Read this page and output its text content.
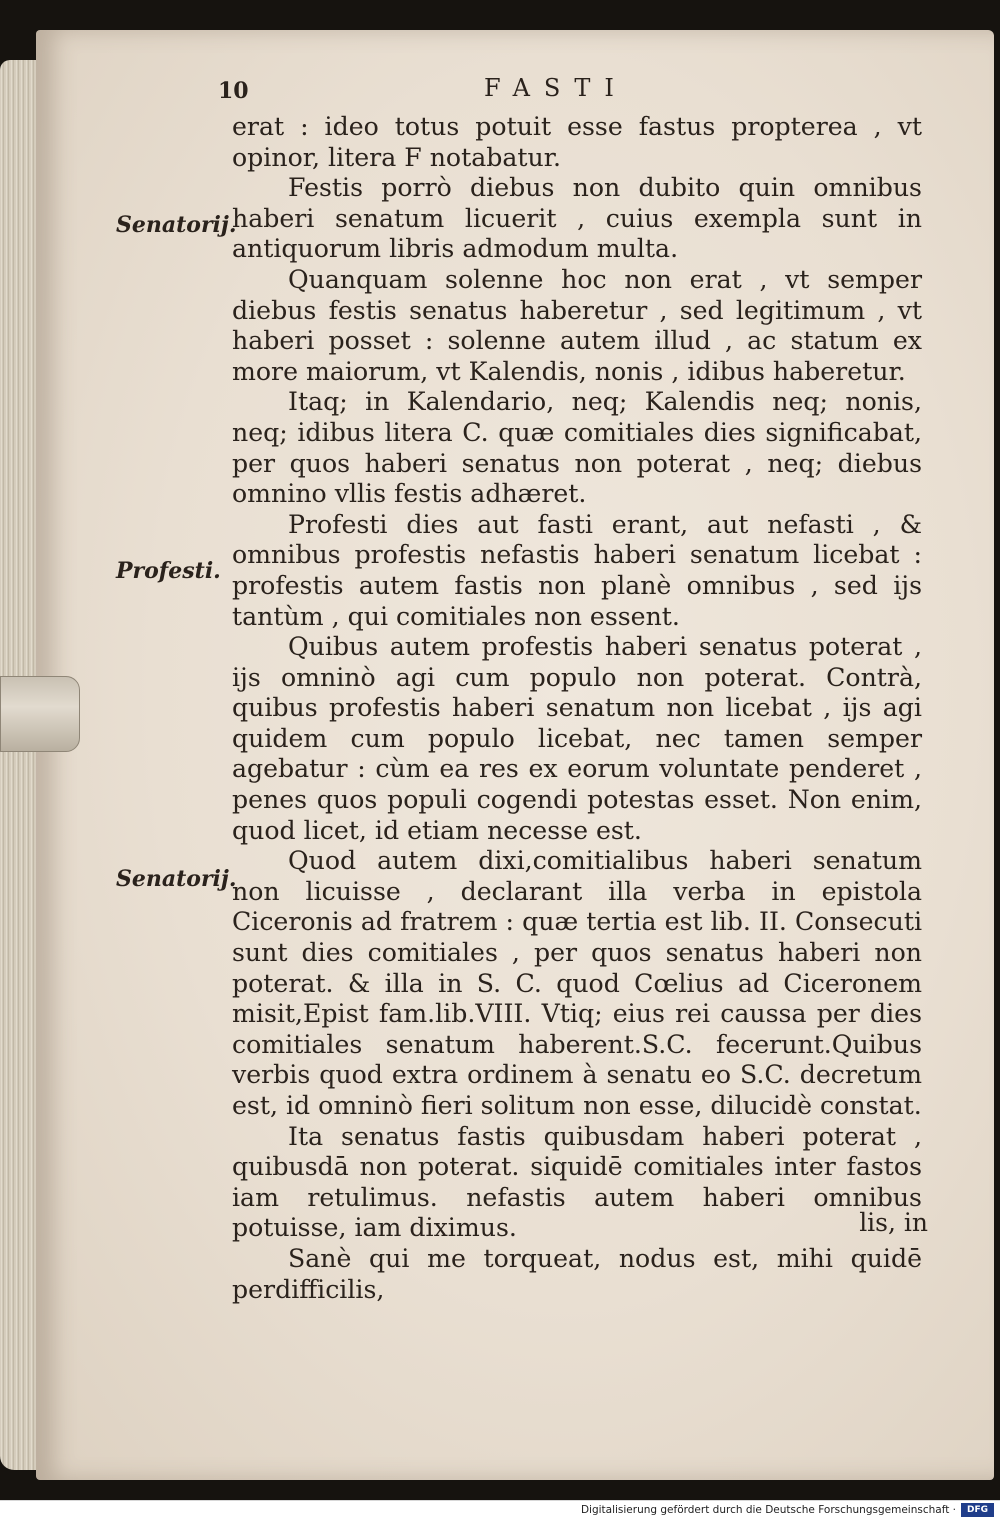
10	FASTI
Senatorij.
Profesti.
Senatorij.

erat : ideo totus potuit esse fastus propterea , vt opinor, litera F notabatur.

Festis porrò diebus non dubito quin omnibus haberi senatum licuerit , cuius exempla sunt in antiquorum libris admodum multa.

Quanquam solenne hoc non erat , vt semper diebus festis senatus haberetur , sed legitimum , vt haberi posset : solenne autem illud , ac statum ex more maiorum, vt Kalendis, nonis , idibus haberetur.

Itaq; in Kalendario, neq; Kalendis neq; nonis, neq; idibus litera C. quæ comitiales dies significabat, per quos haberi senatus non poterat , neq; diebus omnino vllis festis adhæret.

Profesti dies aut fasti erant, aut nefasti , & omnibus profestis nefastis haberi senatum licebat : profestis autem fastis non planè omnibus , sed ijs tantùm , qui comitiales non essent.

Quibus autem profestis haberi senatus poterat , ijs omninò agi cum populo non poterat. Contrà, quibus profestis haberi senatum non licebat , ijs agi quidem cum populo licebat, nec tamen semper agebatur : cùm ea res ex eorum voluntate penderet , penes quos populi cogendi potestas esset. Non enim, quod licet, id etiam necesse est.

Quod autem dixi,comitialibus haberi senatum non licuisse , declarant illa verba in epistola Ciceronis ad fratrem : quæ tertia est lib. II. Consecuti sunt dies comitiales , per quos senatus haberi non poterat. & illa in S. C. quod Cœlius ad Ciceronem misit,Epist fam.lib.VIII. Vtiq; eius rei caussa per dies comitiales senatum haberent.S.C. fecerunt.Quibus verbis quod extra ordinem à senatu eo S.C. decretum est, id omninò fieri solitum non esse, dilucidè constat.

Ita senatus fastis quibusdam haberi poterat , quibusdā non poterat. siquidē comitiales inter fastos iam retulimus. nefastis autem haberi omnibus potuisse, iam diximus.

Sanè qui me torqueat, nodus est, mihi quidē perdifficilis,

lis, in
Digitalisierung gefördert durch die Deutsche Forschungsgemeinschaft ·	DFG
